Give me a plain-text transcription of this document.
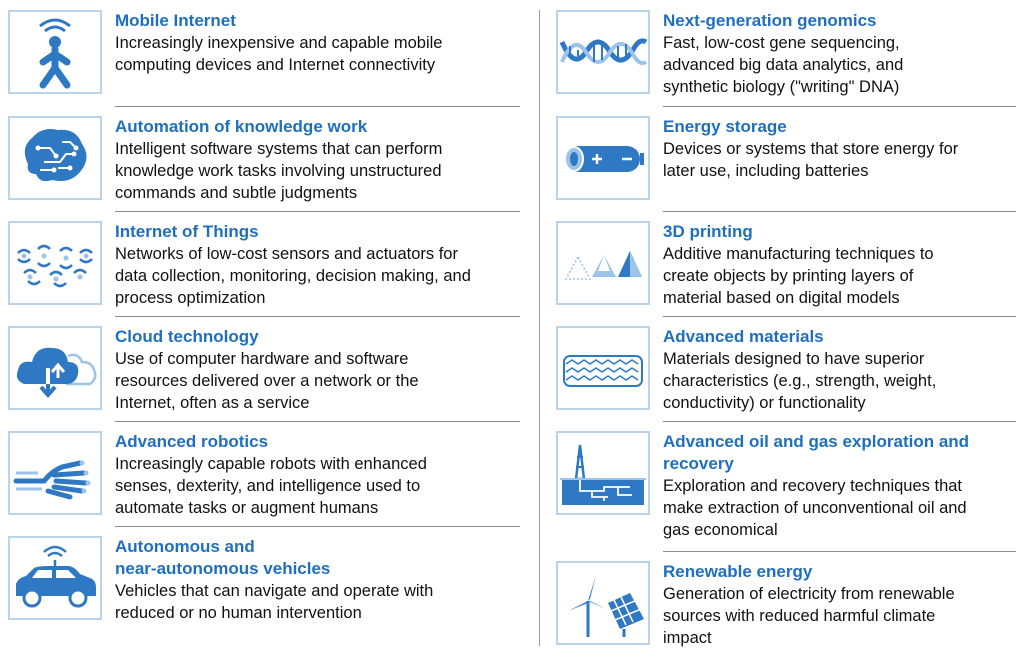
Mobile Internet
Increasingly inexpensive and capable mobile
computing devices and Internet connectivity
Automation of knowledge work
Intelligent software systems that can perform
knowledge work tasks involving unstructured
commands and subtle judgments
Internet of Things
Networks of low-cost sensors and actuators for
data collection, monitoring, decision making, and
process optimization
Cloud technology
Use of computer hardware and software
resources delivered over a network or the
Internet, often as a service
Advanced robotics
Increasingly capable robots with enhanced
senses, dexterity, and intelligence used to
automate tasks or augment humans
Autonomous and
near-autonomous vehicles
Vehicles that can navigate and operate with
reduced or no human intervention
Next-generation genomics
Fast, low-cost gene sequencing,
advanced big data analytics, and
synthetic biology ("writing" DNA)
Energy storage
Devices or systems that store energy for
later use, including batteries
3D printing
Additive manufacturing techniques to
create objects by printing layers of
material based on digital models
Advanced materials
Materials designed to have superior
characteristics (e.g., strength, weight,
conductivity) or functionality
Advanced oil and gas exploration and
recovery
Exploration and recovery techniques that
make extraction of unconventional oil and
gas economical
Renewable energy
Generation of electricity from renewable
sources with reduced harmful climate
impact
